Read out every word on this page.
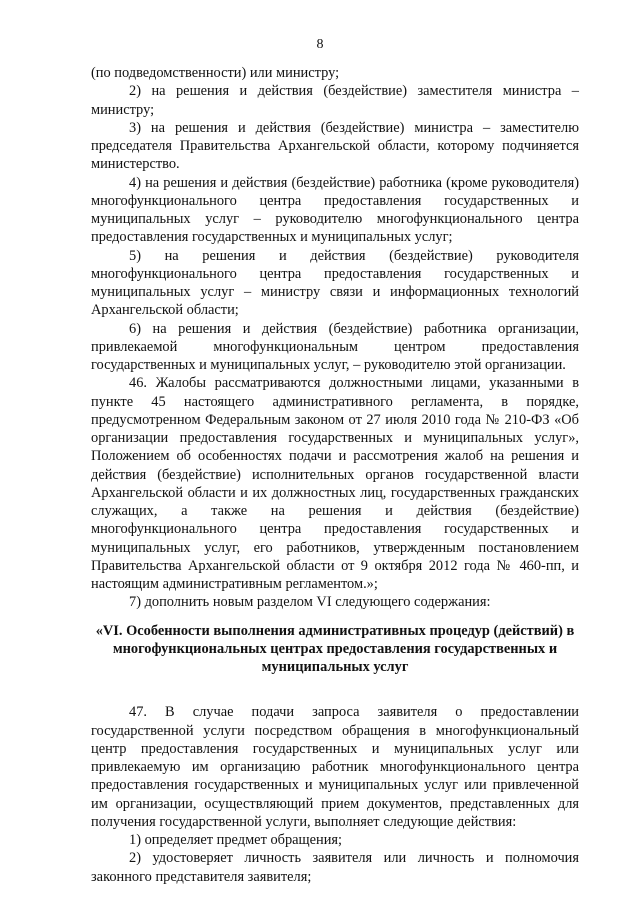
8

(по подведомственности) или министру;

2) на решения и действия (бездействие) заместителя министра – министру;

3) на решения и действия (бездействие) министра – заместителю председателя Правительства Архангельской области, которому подчиняется министерство.

4) на решения и действия (бездействие) работника (кроме руководителя) многофункционального центра предоставления государственных и муниципальных услуг – руководителю многофункционального центра предоставления государственных и муниципальных услуг;

5) на решения и действия (бездействие) руководителя многофункционального центра предоставления государственных и муниципальных услуг – министру связи и информационных технологий Архангельской области;

6) на решения и действия (бездействие) работника организации, привлекаемой многофункциональным центром предоставления государственных и муниципальных услуг, – руководителю этой организации.

46. Жалобы рассматриваются должностными лицами, указанными в пункте 45 настоящего административного регламента, в порядке, предусмотренном Федеральным законом от 27 июля 2010 года № 210-ФЗ «Об организации предоставления государственных и муниципальных услуг», Положением об особенностях подачи и рассмотрения жалоб на решения и действия (бездействие) исполнительных органов государственной власти Архангельской области и их должностных лиц, государственных гражданских служащих, а также на решения и действия (бездействие) многофункционального центра предоставления государственных и муниципальных услуг, его работников, утвержденным постановлением Правительства Архангельской области от 9 октября 2012 года № 460-пп, и настоящим административным регламентом.»;

7) дополнить новым разделом VI следующего содержания:

«VI. Особенности выполнения административных процедур (действий) в многофункциональных центрах предоставления государственных и муниципальных услуг

47. В случае подачи запроса заявителя о предоставлении государственной услуги посредством обращения в многофункциональный центр предоставления государственных и муниципальных услуг или привлекаемую им организацию работник многофункционального центра предоставления государственных и муниципальных услуг или привлеченной им организации, осуществляющий прием документов, представленных для получения государственной услуги, выполняет следующие действия:

1) определяет предмет обращения;

2) удостоверяет личность заявителя или личность и полномочия законного представителя заявителя;
